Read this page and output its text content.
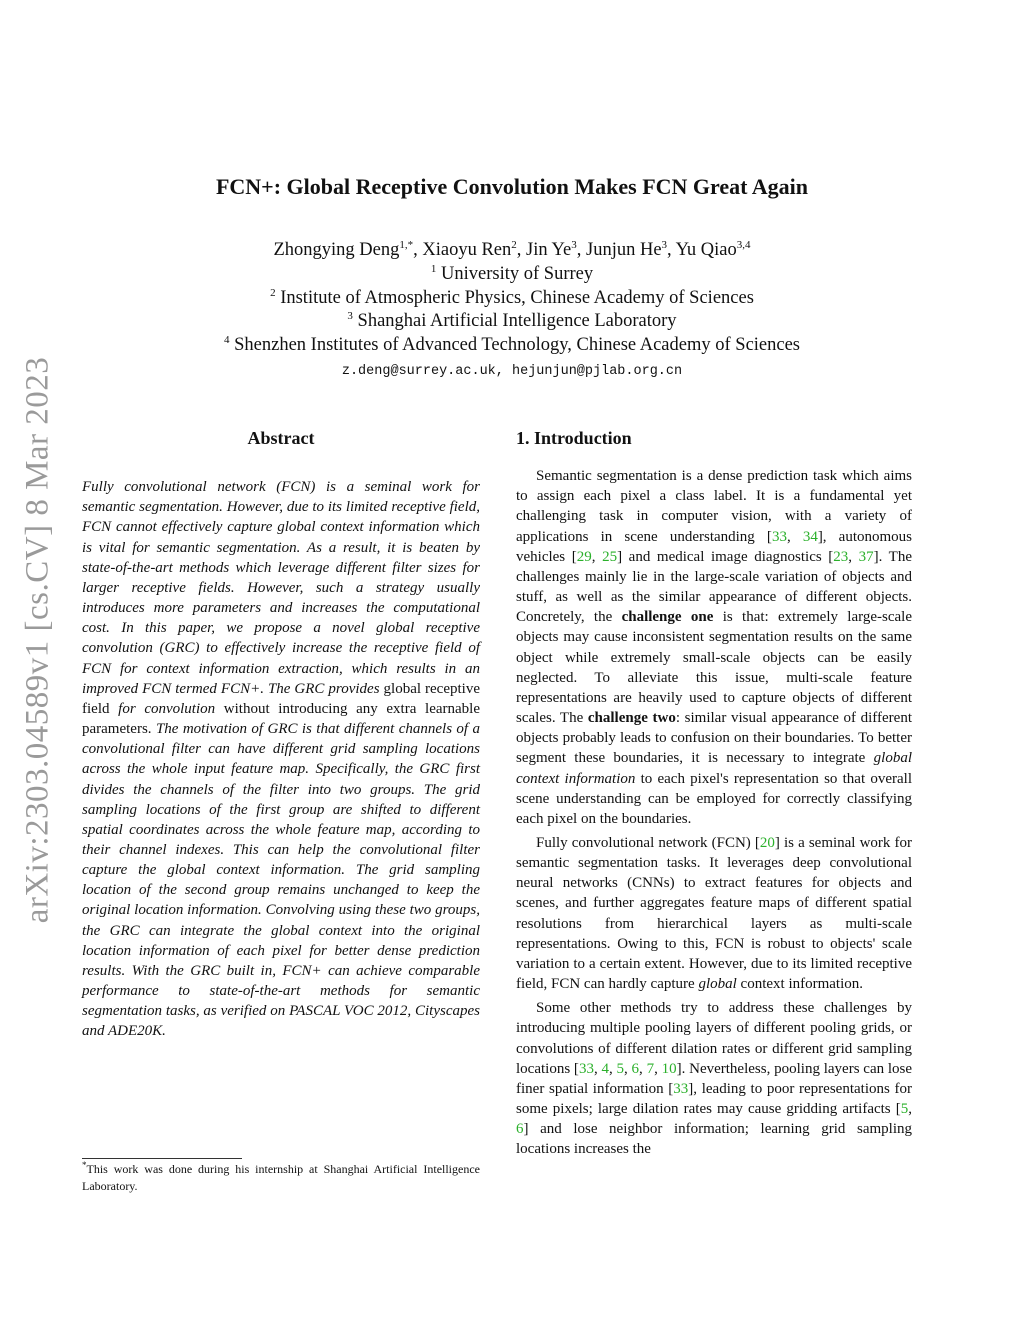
arXiv:2303.04589v1 [cs.CV] 8 Mar 2023
FCN+: Global Receptive Convolution Makes FCN Great Again
Zhongying Deng$^{1,*}$, Xiaoyu Ren$^2$, Jin Ye$^3$, Junjun He$^3$, Yu Qiao$^{3,4}$
$^1$ University of Surrey
$^2$ Institute of Atmospheric Physics, Chinese Academy of Sciences
$^3$ Shanghai Artificial Intelligence Laboratory
$^4$ Shenzhen Institutes of Advanced Technology, Chinese Academy of Sciences
z.deng@surrey.ac.uk, hejunjun@pjlab.org.cn
Abstract

Fully convolutional network (FCN) is a seminal work for semantic segmentation. However, due to its limited receptive field, FCN cannot effectively capture global context information which is vital for semantic segmentation. As a result, it is beaten by state-of-the-art methods which leverage different filter sizes for larger receptive fields. However, such a strategy usually introduces more parameters and increases the computational cost. In this paper, we propose a novel global receptive convolution (GRC) to effectively increase the receptive field of FCN for context information extraction, which results in an improved FCN termed FCN+. The GRC provides global receptive field for convolution without introducing any extra learnable parameters. The motivation of GRC is that different channels of a convolutional filter can have different grid sampling locations across the whole input feature map. Specifically, the GRC first divides the channels of the filter into two groups. The grid sampling locations of the first group are shifted to different spatial coordinates across the whole feature map, according to their channel indexes. This can help the convolutional filter capture the global context information. The grid sampling location of the second group remains unchanged to keep the original location information. Convolving using these two groups, the GRC can integrate the global context into the original location information of each pixel for better dense prediction results. With the GRC built in, FCN+ can achieve comparable performance to state-of-the-art methods for semantic segmentation tasks, as verified on PASCAL VOC 2012, Cityscapes and ADE20K.

*This work was done during his internship at Shanghai Artificial Intelligence Laboratory.
1. Introduction

Semantic segmentation is a dense prediction task which aims to assign each pixel a class label. It is a fundamental yet challenging task in computer vision, with a variety of applications in scene understanding [33, 34], autonomous vehicles [29, 25] and medical image diagnostics [23, 37]. The challenges mainly lie in the large-scale variation of objects and stuff, as well as the similar appearance of different objects. Concretely, the challenge one is that: extremely large-scale objects may cause inconsistent segmentation results on the same object while extremely small-scale objects can be easily neglected. To alleviate this issue, multi-scale feature representations are heavily used to capture objects of different scales. The challenge two: similar visual appearance of different objects probably leads to confusion on their boundaries. To better segment these boundaries, it is necessary to integrate global context information to each pixel's representation so that overall scene understanding can be employed for correctly classifying each pixel on the boundaries.

Fully convolutional network (FCN) [20] is a seminal work for semantic segmentation tasks. It leverages deep convolutional neural networks (CNNs) to extract features for objects and scenes, and further aggregates feature maps of different spatial resolutions from hierarchical layers as multi-scale representations. Owing to this, FCN is robust to objects' scale variation to a certain extent. However, due to its limited receptive field, FCN can hardly capture global context information.

Some other methods try to address these challenges by introducing multiple pooling layers of different pooling grids, or convolutions of different dilation rates or different grid sampling locations [33, 4, 5, 6, 7, 10]. Nevertheless, pooling layers can lose finer spatial information [33], leading to poor representations for some pixels; large dilation rates may cause gridding artifacts [5, 6] and lose neighbor information; learning grid sampling locations increases the
